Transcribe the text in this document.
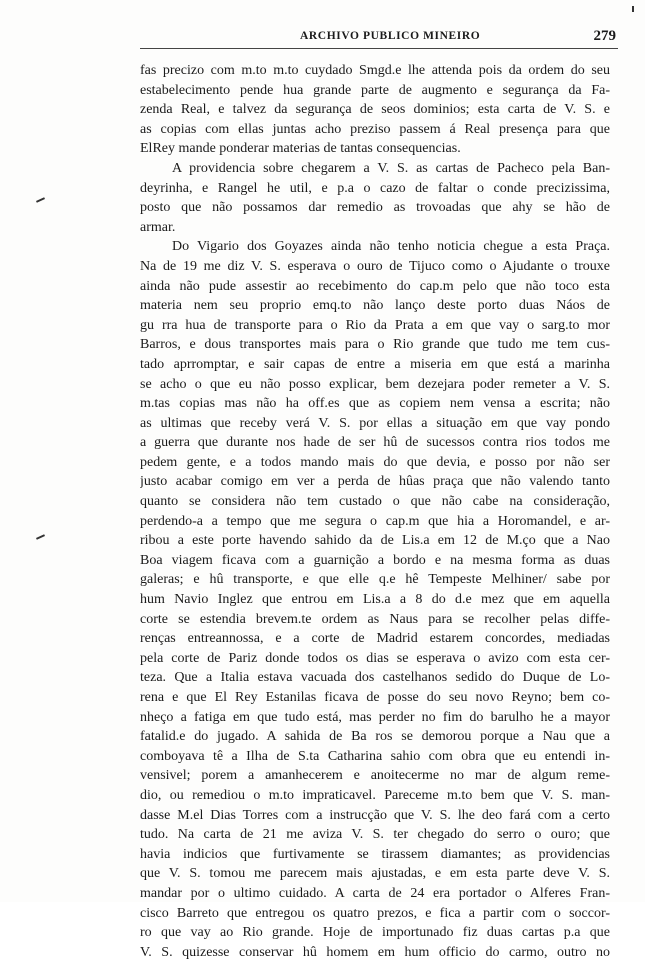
ARCHIVO PUBLICO MINEIRO	279
fas precizo com m.to m.to cuydado Smgd.e lhe attenda pois da ordem do seu
estabelecimento pende hua grande parte de augmento e segurança da Fa-
zenda Real, e talvez da segurança de seos dominios; esta carta de V. S. e
as copias com ellas juntas acho preziso passem á Real presença para que
ElRey mande ponderar materias de tantas consequencias.
A providencia sobre chegarem a V. S. as cartas de Pacheco pela Ban-
deyrinha, e Rangel he util, e p.a o cazo de faltar o conde precizissima,
posto que não possamos dar remedio as trovoadas que ahy se hão de
armar.
Do Vigario dos Goyazes ainda não tenho noticia chegue a esta Praça.
Na de 19 me diz V. S. esperava o ouro de Tijuco como o Ajudante o trouxe
ainda não pude assestir ao recebimento do cap.m pelo que não toco esta
materia nem seu proprio emq.to não lanço deste porto duas Náos de
gu rra hua de transporte para o Rio da Prata a em que vay o sarg.to mor
Barros, e dous transportes mais para o Rio grande que tudo me tem cus-
tado aprromptar, e sair capas de entre a miseria em que está a marinha
se acho o que eu não posso explicar, bem dezejara poder remeter a V. S.
m.tas copias mas não ha off.es que as copiem nem vensa a escrita; não
as ultimas que receby verá V. S. por ellas a situação em que vay pondo
a guerra que durante nos hade de ser hû de sucessos contra rios todos me
pedem gente, e a todos mando mais do que devia, e posso por não ser
justo acabar comigo em ver a perda de hûas praça que não valendo tanto
quanto se considera não tem custado o que não cabe na consideração,
perdendo-a a tempo que me segura o cap.m que hia a Horomandel, e ar-
ribou a este porte havendo sahido da de Lis.a em 12 de M.ço que a Nao
Boa viagem ficava com a guarnição a bordo e na mesma forma as duas
galeras; e hû transporte, e que elle q.e hê Tempeste Melhiner/ sabe por
hum Navio Inglez que entrou em Lis.a a 8 do d.e mez que em aquella
corte se estendia brevem.te ordem as Naus para se recolher pelas diffe-
renças entreannossa, e a corte de Madrid estarem concordes, mediadas
pela corte de Pariz donde todos os dias se esperava o avizo com esta cer-
teza. Que a Italia estava vacuada dos castelhanos sedido do Duque de Lo-
rena e que El Rey Estanilas ficava de posse do seu novo Reyno; bem co-
nheço a fatiga em que tudo está, mas perder no fim do barulho he a mayor
fatalid.e do jugado. A sahida de Ba ros se demorou porque a Nau que a
comboyava tê a Ilha de S.ta Catharina sahio com obra que eu entendi in-
vensivel; porem a amanhecerem e anoitecerme no mar de algum reme-
dio, ou remediou o m.to impraticavel. Pareceme m.to bem que V. S. man-
dasse M.el Dias Torres com a instrucção que V. S. lhe deo fará com a certo
tudo. Na carta de 21 me aviza V. S. ter chegado do serro o ouro; que
havia indicios que furtivamente se tirassem diamantes; as providencias
que V. S. tomou me parecem mais ajustadas, e em esta parte deve V. S.
mandar por o ultimo cuidado. A carta de 24 era portador o Alferes Fran-
cisco Barreto que entregou os quatro prezos, e fica a partir com o soccor-
ro que vay ao Rio grande. Hoje de importunado fiz duas cartas p.a que
V. S. quizesse conservar hû homem em hum officio do carmo, outro no
